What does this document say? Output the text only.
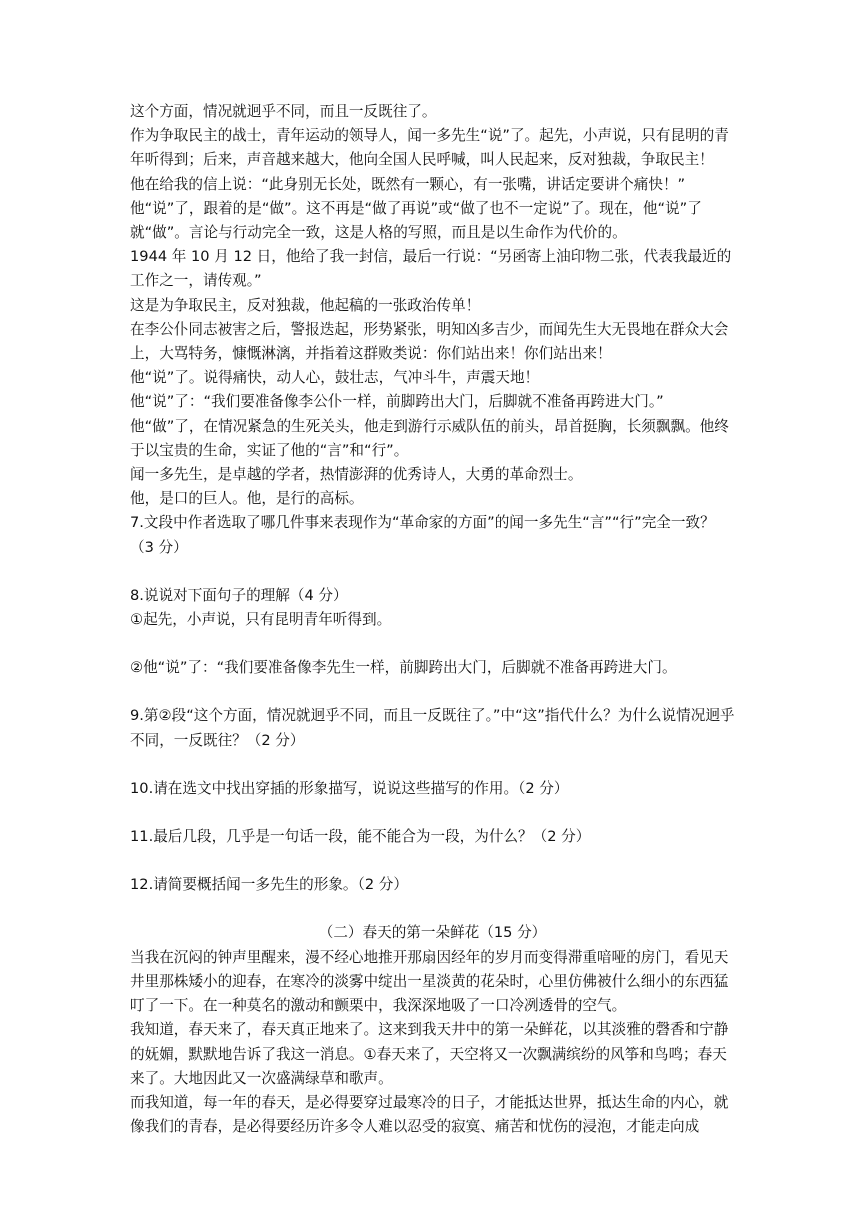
这个方面，情况就迥乎不同，而且一反既往了。

作为争取民主的战士，青年运动的领导人，闻一多先生“说”了。起先，小声说，只有昆明的青年听得到；后来，声音越来越大，他向全国人民呼喊，叫人民起来，反对独裁，争取民主！

他在给我的信上说：“此身别无长处，既然有一颗心，有一张嘴，讲话定要讲个痛快！”

他“说”了，跟着的是“做”。这不再是“做了再说”或“做了也不一定说”了。现在，他“说”了就“做”。言论与行动完全一致，这是人格的写照，而且是以生命作为代价的。

1944 年 10 月 12 日，他给了我一封信，最后一行说：“另函寄上油印物二张，代表我最近的工作之一，请传观。”

这是为争取民主，反对独裁，他起稿的一张政治传单！

在李公仆同志被害之后，警报迭起，形势紧张，明知凶多吉少，而闻先生大无畏地在群众大会上，大骂特务，慷慨淋漓，并指着这群败类说：你们站出来！你们站出来！

他“说”了。说得痛快，动人心，鼓壮志，气冲斗牛，声震天地！

他“说”了：“我们要准备像李公仆一样，前脚跨出大门，后脚就不准备再跨进大门。”

他“做”了，在情况紧急的生死关头，他走到游行示威队伍的前头，昂首挺胸，长须飘飘。他终于以宝贵的生命，实证了他的“言”和“行”。

闻一多先生，是卓越的学者，热情澎湃的优秀诗人，大勇的革命烈士。

他，是口的巨人。他，是行的高标。

7.文段中作者选取了哪几件事来表现作为“革命家的方面”的闻一多先生“言”“行”完全一致？（3 分）

8.说说对下面句子的理解（4 分）

①起先，小声说，只有昆明青年听得到。

②他“说”了：“我们要准备像李先生一样，前脚跨出大门，后脚就不准备再跨进大门。

9.第②段“这个方面，情况就迥乎不同，而且一反既往了。”中“这”指代什么？为什么说情况迥乎不同，一反既往？（2 分）

10.请在选文中找出穿插的形象描写，说说这些描写的作用。（2 分）

11.最后几段，几乎是一句话一段，能不能合为一段，为什么？（2 分）

12.请简要概括闻一多先生的形象。（2 分）

（二）春天的第一朵鲜花（15 分）

当我在沉闷的钟声里醒来，漫不经心地推开那扇因经年的岁月而变得滞重喑哑的房门，看见天井里那株矮小的迎春，在寒冷的淡雾中绽出一星淡黄的花朵时，心里仿佛被什么细小的东西猛叮了一下。在一种莫名的激动和颤栗中，我深深地吸了一口冷冽透骨的空气。

我知道，春天来了，春天真正地来了。这来到我天井中的第一朵鲜花，以其淡雅的磬香和宁静的妩媚，默默地告诉了我这一消息。①春天来了，天空将又一次飘满缤纷的风筝和鸟鸣；春天来了。大地因此又一次盛满绿草和歌声。

而我知道，每一年的春天，是必得要穿过最寒冷的日子，才能抵达世界，抵达生命的内心，就像我们的青春，是必得要经历许多令人难以忍受的寂寞、痛苦和忧伤的浸泡，才能走向成
